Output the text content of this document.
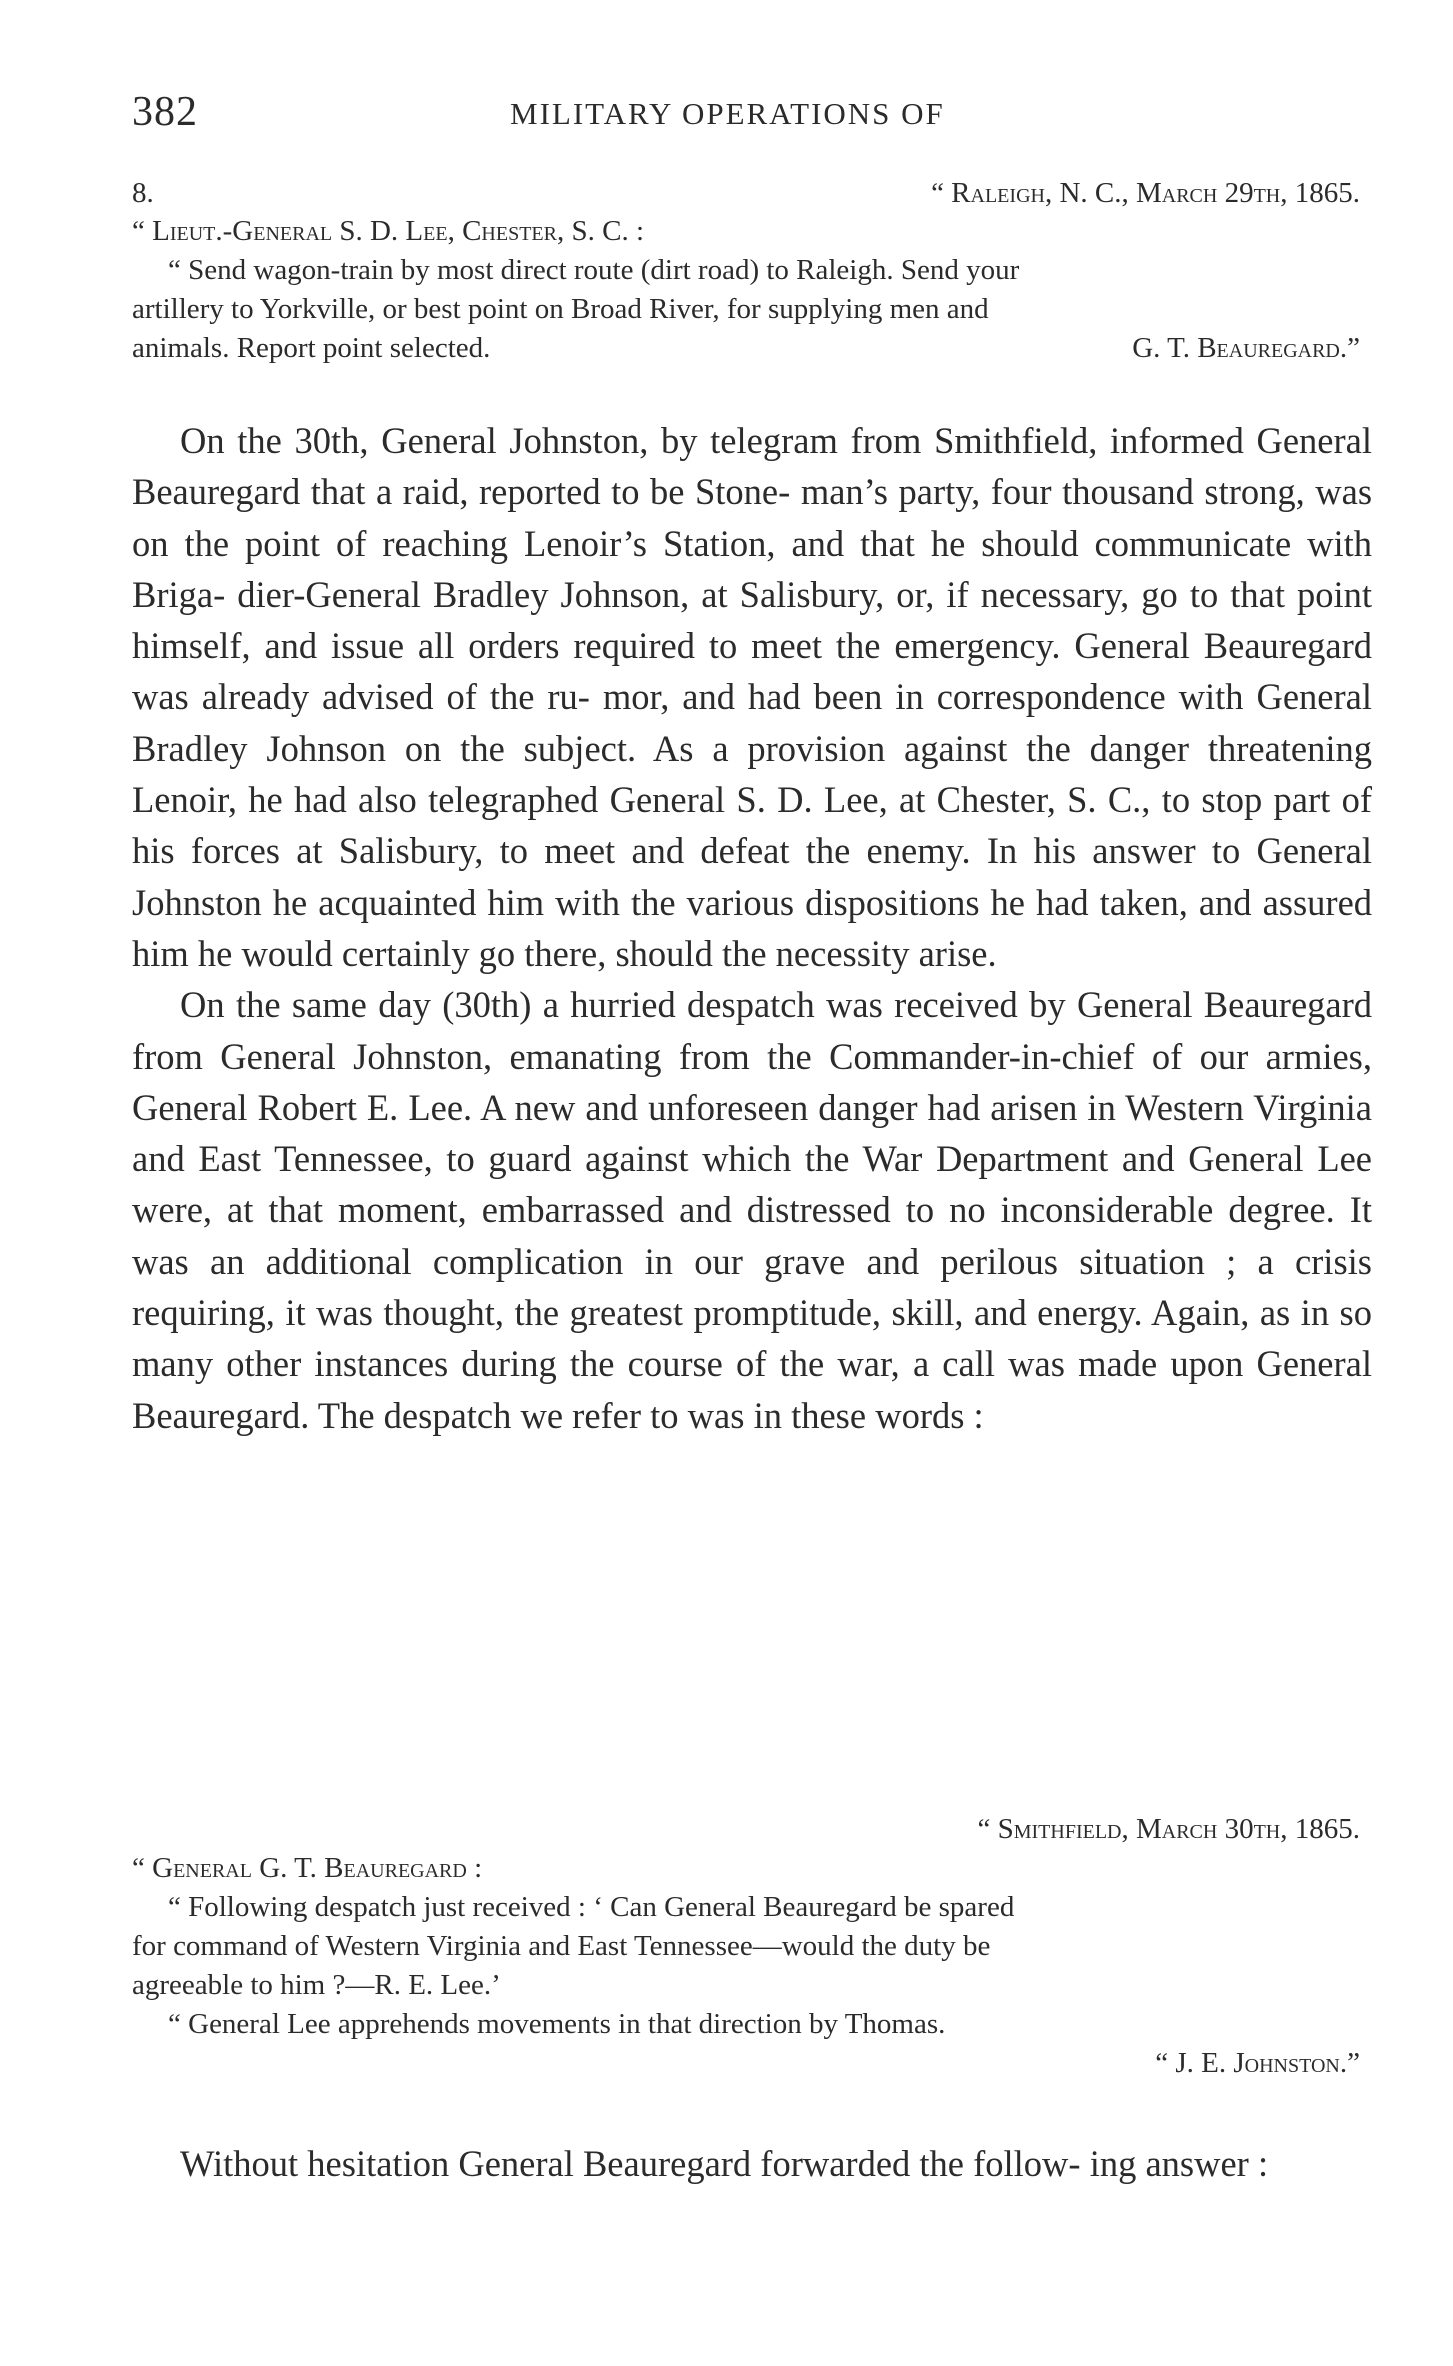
382	MILITARY OPERATIONS OF
8.	“ Raleigh, N. C., March 29th, 1865.

“ Lieut.-General S. D. Lee, Chester, S. C. :

“ Send wagon-train by most direct route (dirt road) to Raleigh. Send your

artillery to Yorkville, or best point on Broad River, for supplying men and

animals. Report point selected.	G. T. Beauregard.”

On the 30th, General Johnston, by telegram from Smithfield, informed General Beauregard that a raid, reported to be Stone- man’s party, four thousand strong, was on the point of reaching Lenoir’s Station, and that he should communicate with Briga- dier-General Bradley Johnson, at Salisbury, or, if necessary, go to that point himself, and issue all orders required to meet the emergency. General Beauregard was already advised of the ru- mor, and had been in correspondence with General Bradley Johnson on the subject. As a provision against the danger threatening Lenoir, he had also telegraphed General S. D. Lee, at Chester, S. C., to stop part of his forces at Salisbury, to meet and defeat the enemy. In his answer to General Johnston he acquainted him with the various dispositions he had taken, and assured him he would certainly go there, should the necessity arise.

On the same day (30th) a hurried despatch was received by General Beauregard from General Johnston, emanating from the Commander-in-chief of our armies, General Robert E. Lee. A new and unforeseen danger had arisen in Western Virginia and East Tennessee, to guard against which the War Department and General Lee were, at that moment, embarrassed and distressed to no inconsiderable degree. It was an additional complication in our grave and perilous situation ; a crisis requiring, it was thought, the greatest promptitude, skill, and energy. Again, as in so many other instances during the course of the war, a call was made upon General Beauregard. The despatch we refer to was in these words :

“ Smithfield, March 30th, 1865.

“ General G. T. Beauregard :

“ Following despatch just received : ‘ Can General Beauregard be spared

for command of Western Virginia and East Tennessee—would the duty be

agreeable to him ?—R. E. Lee.’

“ General Lee apprehends movements in that direction by Thomas.

“ J. E. Johnston.”

Without hesitation General Beauregard forwarded the follow- ing answer :
